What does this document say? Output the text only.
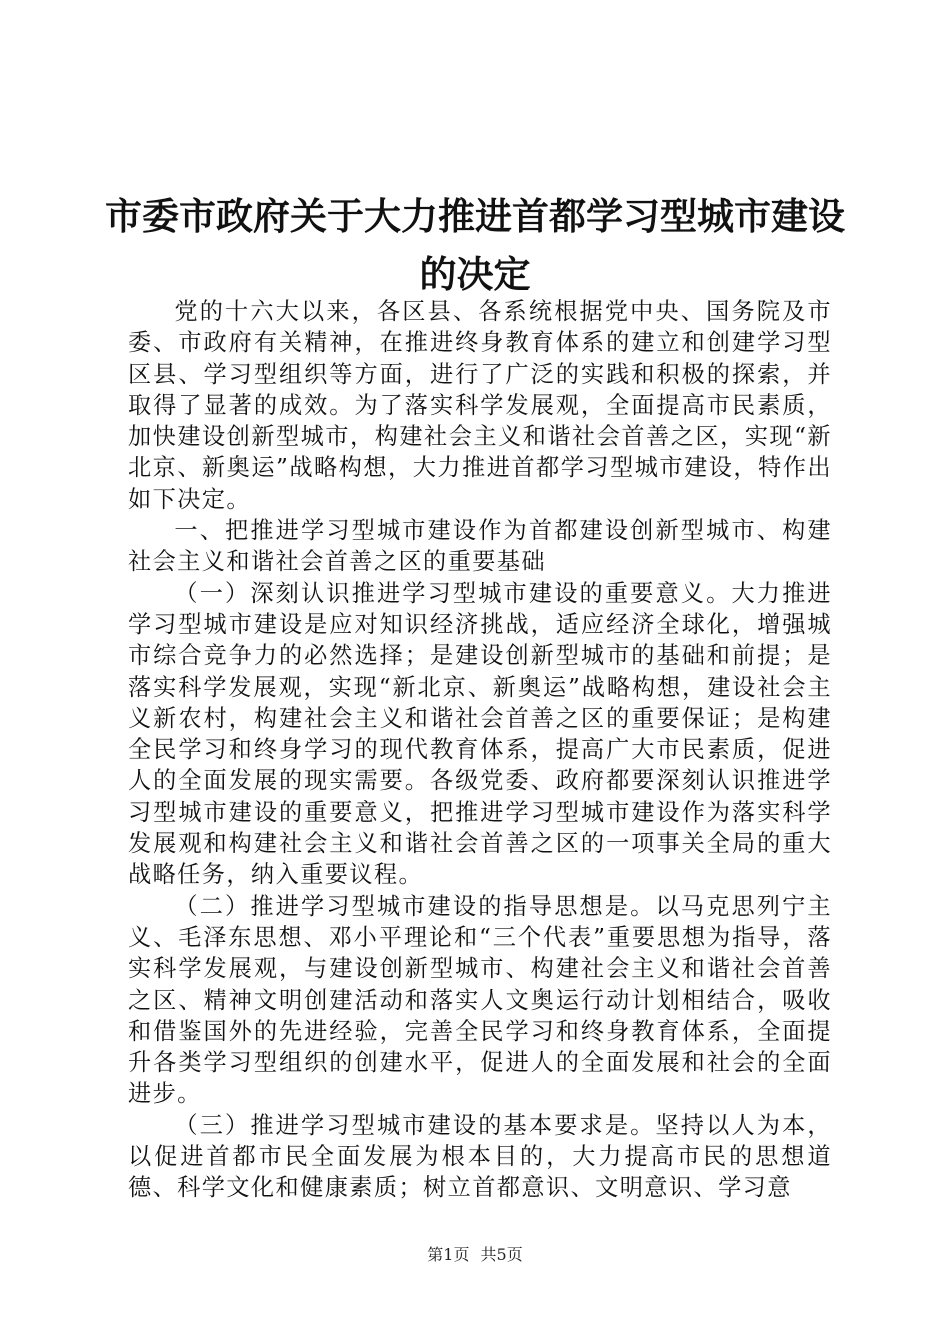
市委市政府关于大力推进首都学习型城市建设
的决定

党的十六大以来，各区县、各系统根据党中央、国务院及市委、市政府有关精神，在推进终身教育体系的建立和创建学习型区县、学习型组织等方面，进行了广泛的实践和积极的探索，并取得了显著的成效。为了落实科学发展观，全面提高市民素质，加快建设创新型城市，构建社会主义和谐社会首善之区，实现“新北京、新奥运”战略构想，大力推进首都学习型城市建设，特作出如下决定。

一、把推进学习型城市建设作为首都建设创新型城市、构建社会主义和谐社会首善之区的重要基础

（一）深刻认识推进学习型城市建设的重要意义。大力推进学习型城市建设是应对知识经济挑战，适应经济全球化，增强城市综合竞争力的必然选择；是建设创新型城市的基础和前提；是落实科学发展观，实现“新北京、新奥运”战略构想，建设社会主义新农村，构建社会主义和谐社会首善之区的重要保证；是构建全民学习和终身学习的现代教育体系，提高广大市民素质，促进人的全面发展的现实需要。各级党委、政府都要深刻认识推进学习型城市建设的重要意义，把推进学习型城市建设作为落实科学发展观和构建社会主义和谐社会首善之区的一项事关全局的重大战略任务，纳入重要议程。

（二）推进学习型城市建设的指导思想是。以马克思列宁主义、毛泽东思想、邓小平理论和“三个代表”重要思想为指导，落实科学发展观，与建设创新型城市、构建社会主义和谐社会首善之区、精神文明创建活动和落实人文奥运行动计划相结合，吸收和借鉴国外的先进经验，完善全民学习和终身教育体系，全面提升各类学习型组织的创建水平，促进人的全面发展和社会的全面进步。

（三）推进学习型城市建设的基本要求是。坚持以人为本，以促进首都市民全面发展为根本目的，大力提高市民的思想道德、科学文化和健康素质；树立首都意识、文明意识、学习意

第1页 共5页
